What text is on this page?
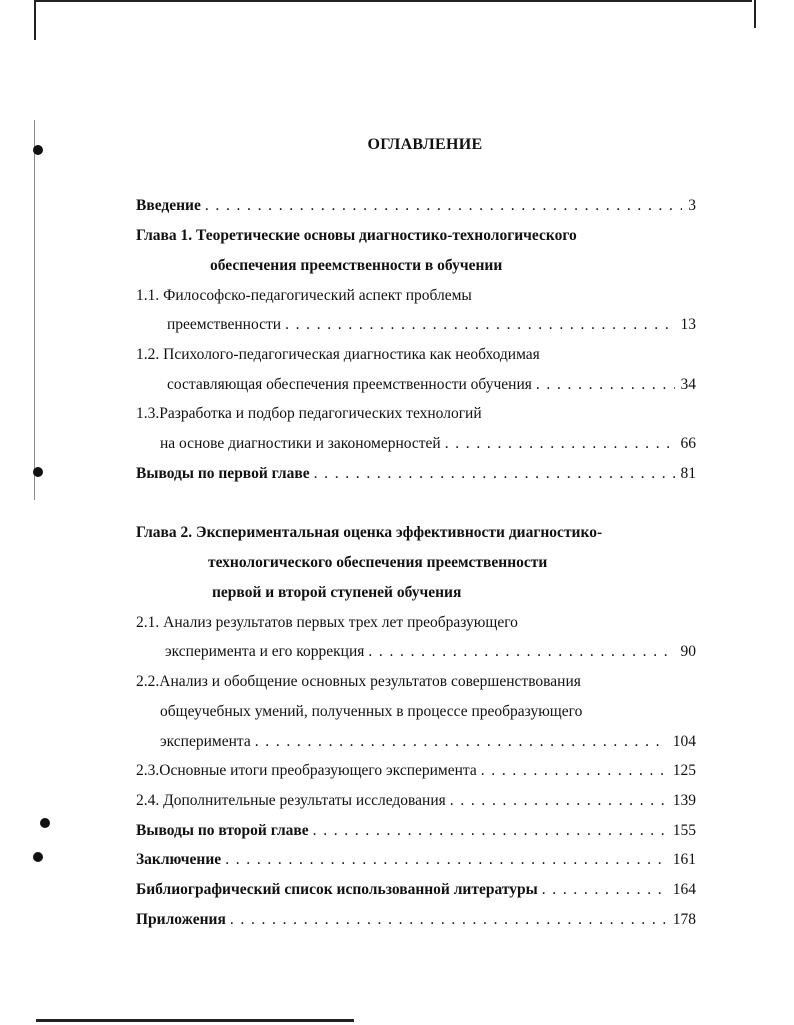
ОГЛАВЛЕНИЕ
Введение . . .	3
Глава 1. Теоретические основы диагностико-технологического
обеспечения преемственности в обучении
1.1. Философско-педагогический аспект проблемы
преемственности . . .	13
1.2. Психолого-педагогическая диагностика как необходимая
составляющая обеспечения преемственности обучения . . .	34
1.3.Разработка и подбор педагогических технологий
на основе диагностики и закономерностей . . .	66
Выводы по первой главе . . .	81
Глава 2. Экспериментальная оценка эффективности диагностико-
технологического обеспечения преемственности
первой и второй ступеней обучения
2.1. Анализ результатов первых трех лет преобразующего
эксперимента и его коррекция . . .	90
2.2.Анализ и обобщение основных результатов совершенствования
общеучебных умений, полученных в процессе преобразующего
эксперимента . . .	104
2.3.Основные итоги преобразующего эксперимента . . .	125
2.4. Дополнительные результаты исследования . . .	139
Выводы по второй главе . . .	155
Заключение . . .	161
Библиографический список использованной литературы . . .	164
Приложения . . .	178
